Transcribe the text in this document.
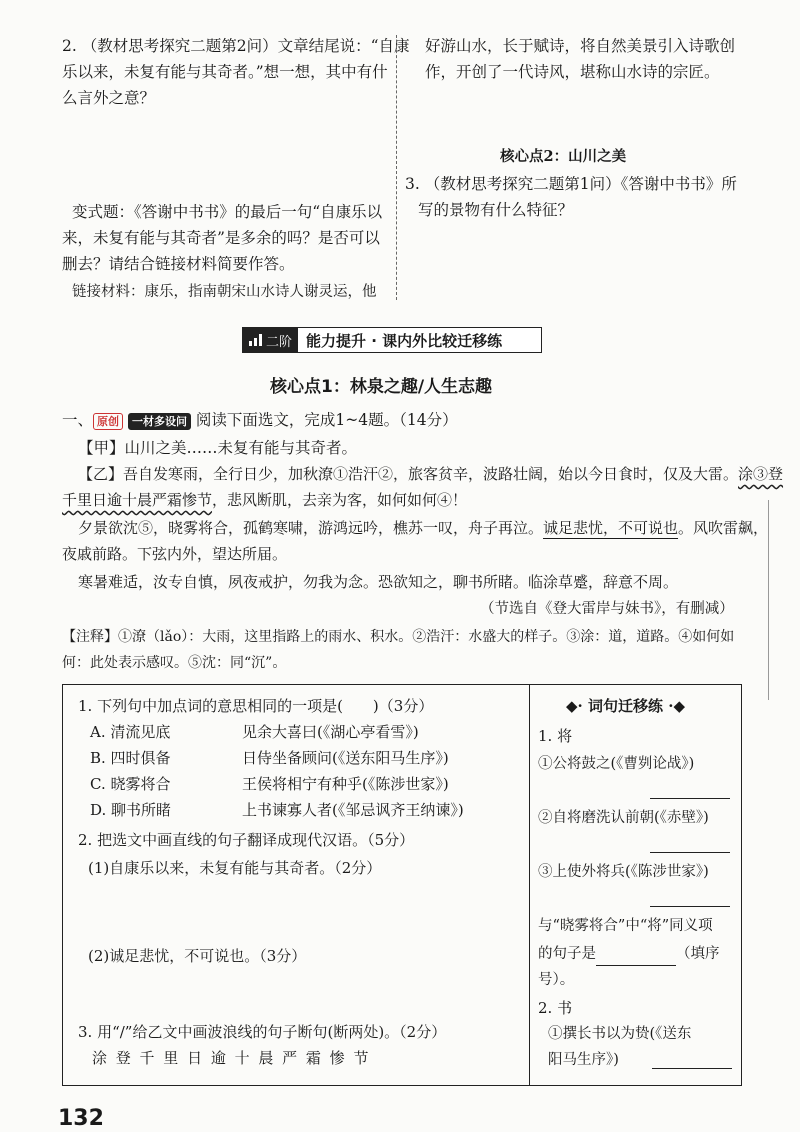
2. （教材思考探究二题第2问）文章结尾说：“自康
乐以来，未复有能与其奇者。”想一想，其中有什
么言外之意？
变式题：《答谢中书书》的最后一句“自康乐以
来，未复有能与其奇者”是多余的吗？是否可以
删去？请结合链接材料简要作答。
链接材料：康乐，指南朝宋山水诗人谢灵运，他
好游山水，长于赋诗，将自然美景引入诗歌创
作，开创了一代诗风，堪称山水诗的宗匠。
核心点2：山川之美
3. （教材思考探究二题第1问）《答谢中书书》所
写的景物有什么特征？
二阶 能力提升 · 课内外比较迁移练
核心点1：林泉之趣/人生志趣
一、 原创 一材多设问 阅读下面选文，完成1~4题。（14分）
【甲】山川之美……未复有能与其奇者。
【乙】吾自发寒雨，全行日少，加秋潦①浩汗②，旅客贫辛，波路壮阔，始以今日食时，仅及大雷。涂③登
千里日逾十晨严霜惨节，悲风断肌，去亲为客，如何如何④！
夕景欲沈⑤，晓雾将合，孤鹤寒啸，游鸿远吟，樵苏一叹，舟子再泣。诚足悲忧，不可说也。风吹雷飙，
夜戚前路。下弦内外，望达所届。
寒暑难适，汝专自慎，夙夜戒护，勿我为念。恐欲知之，聊书所睹。临涂草蹙，辞意不周。
（节选自《登大雷岸与妹书》，有删减）
【注释】①潦（lǎo）：大雨，这里指路上的雨水、积水。②浩汗：水盛大的样子。③涂：道，道路。④如何如
何：此处表示感叹。⑤沈：同“沉”。
1. 下列句中加点词的意思相同的一项是(　　)（3分）
A. 清流见底	见余大喜曰(《湖心亭看雪》)
B. 四时俱备	日侍坐备顾问(《送东阳马生序》)
C. 晓雾将合	王侯将相宁有种乎(《陈涉世家》)
D. 聊书所睹	上书谏寡人者(《邹忌讽齐王纳谏》)
2. 把选文中画直线的句子翻译成现代汉语。（5分）
(1)自康乐以来，未复有能与其奇者。（2分）
(2)诚足悲忧，不可说也。（3分）
3. 用“/”给乙文中画波浪线的句子断句(断两处)。（2分）
涂 登 千 里 日 逾 十 晨 严 霜 惨 节
◆· 词句迁移练 ·◆
1. 将
①公将鼓之(《曹刿论战》)
②自将磨洗认前朝(《赤壁》)
③上使外将兵(《陈涉世家》)
与“晓雾将合”中“将”同义项
的句子是	（填序
号）。
2. 书
①撰长书以为贽(《送东
阳马生序》)
132
